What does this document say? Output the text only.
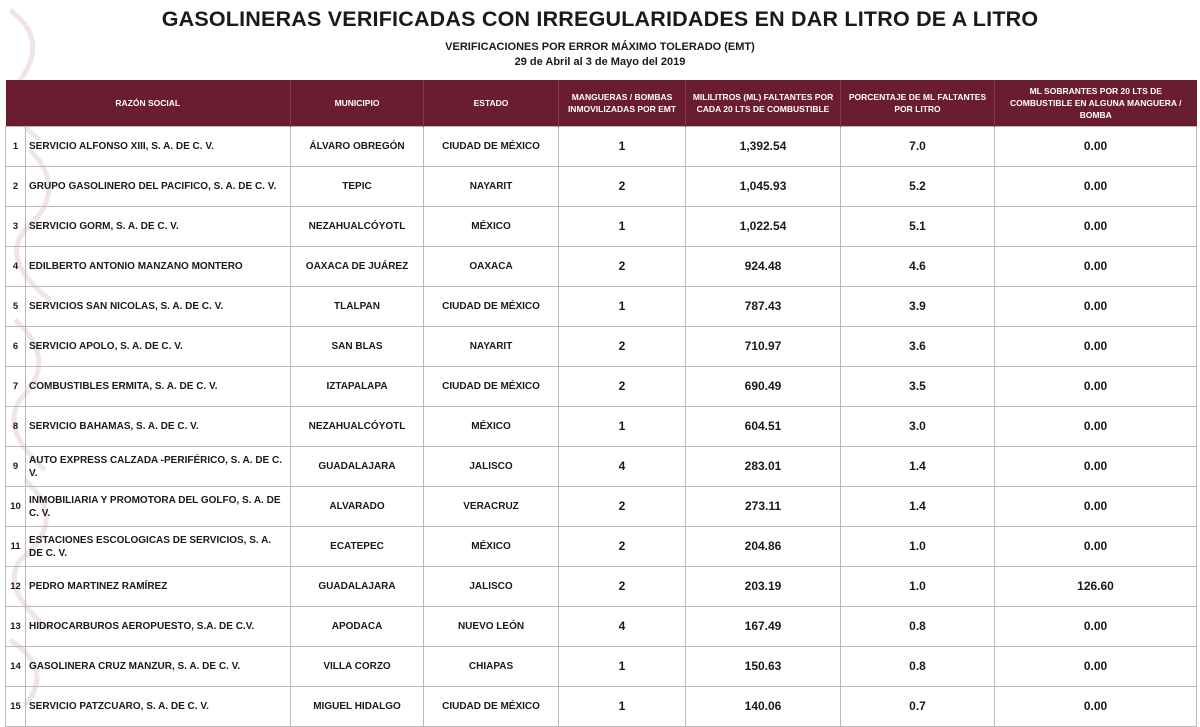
GASOLINERAS VERIFICADAS CON IRREGULARIDADES EN DAR LITRO DE A LITRO
VERIFICACIONES POR ERROR MÁXIMO TOLERADO (EMT)
29 de Abril al 3 de Mayo del 2019
RAZÓN SOCIAL		MUNICIPIO	ESTADO	MANGUERAS / BOMBAS INMOVILIZADAS POR EMT	MILILITROS (ML) FALTANTES POR CADA 20 LTS DE COMBUSTIBLE	PORCENTAJE DE ML FALTANTES POR LITRO	ML SOBRANTES POR 20 LTS DE COMBUSTIBLE EN ALGUNA MANGUERA / BOMBA
1	SERVICIO ALFONSO XIII, S. A. DE C. V.	ÁLVARO OBREGÓN	CIUDAD DE MÉXICO	1	1,392.54	7.0	0.00
2	GRUPO GASOLINERO DEL PACIFICO, S. A. DE C. V.	TEPIC	NAYARIT	2	1,045.93	5.2	0.00
3	SERVICIO GORM, S. A. DE C. V.	NEZAHUALCÓYOTL	MÉXICO	1	1,022.54	5.1	0.00
4	EDILBERTO ANTONIO MANZANO MONTERO	OAXACA DE JUÁREZ	OAXACA	2	924.48	4.6	0.00
5	SERVICIOS SAN NICOLAS, S. A. DE C. V.	TLALPAN	CIUDAD DE MÉXICO	1	787.43	3.9	0.00
6	SERVICIO APOLO, S. A. DE C. V.	SAN BLAS	NAYARIT	2	710.97	3.6	0.00
7	COMBUSTIBLES ERMITA, S. A. DE C. V.	IZTAPALAPA	CIUDAD DE MÉXICO	2	690.49	3.5	0.00
8	SERVICIO BAHAMAS, S. A. DE C. V.	NEZAHUALCÓYOTL	MÉXICO	1	604.51	3.0	0.00
9	AUTO EXPRESS CALZADA -PERIFÉRICO, S. A. DE C. V.	GUADALAJARA	JALISCO	4	283.01	1.4	0.00
10	INMOBILIARIA Y PROMOTORA DEL GOLFO, S. A. DE C. V.	ALVARADO	VERACRUZ	2	273.11	1.4	0.00
11	ESTACIONES ESCOLOGICAS DE SERVICIOS, S. A. DE C. V.	ECATEPEC	MÉXICO	2	204.86	1.0	0.00
12	PEDRO MARTINEZ RAMÍREZ	GUADALAJARA	JALISCO	2	203.19	1.0	126.60
13	HIDROCARBUROS AEROPUESTO, S.A. DE C.V.	APODACA	NUEVO LEÓN	4	167.49	0.8	0.00
14	GASOLINERA CRUZ MANZUR, S. A. DE C. V.	VILLA CORZO	CHIAPAS	1	150.63	0.8	0.00
15	SERVICIO PATZCUARO, S. A. DE C. V.	MIGUEL HIDALGO	CIUDAD DE MÉXICO	1	140.06	0.7	0.00
